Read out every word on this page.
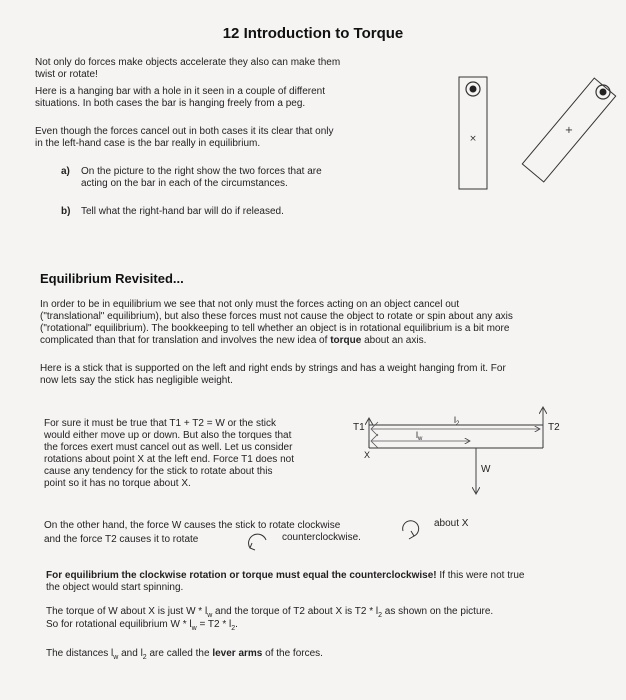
12 Introduction to Torque
Not only do forces make objects accelerate they also can make them
twist or rotate!
Here is a hanging bar with a hole in it seen in a couple of different
situations. In both cases the bar is hanging freely from a peg.
Even though the forces cancel out in both cases it its clear that only
in the left-hand case is the bar really in equilibrium.
a) On the picture to the right show the two forces that are
acting on the bar in each of the circumstances.
b) Tell what the right-hand bar will do if released.
×
+
Equilibrium Revisited...
In order to be in equilibrium we see that not only must the forces acting on an object cancel out
("translational" equilibrium), but also these forces must not cause the object to rotate or spin about any axis
("rotational" equilibrium). The bookkeeping to tell whether an object is in rotational equilibrium is a bit more
complicated than that for translation and involves the new idea of torque about an axis.
Here is a stick that is supported on the left and right ends by strings and has a weight hanging from it. For
now lets say the stick has negligible weight.
For sure it must be true that T1 + T2 = W or the stick
would either move up or down. But also the torques that
the forces exert must cancel out as well. Let us consider
rotations about point X at the left end. Force T1 does not
cause any tendency for the stick to rotate about this
point so it has no torque about X.
T1	T2
$l_2$
$l_w$
W
X
On the other hand, the force W causes the stick to rotate clockwise	about X
and the force T2 causes it to rotate	counterclockwise.
For equilibrium the clockwise rotation or torque must equal the counterclockwise! If this were not true
the object would start spinning.
The torque of W about X is just W * $l_w$ and the torque of T2 about X is $T2 * l_2$ as shown on the picture.
So for rotational equilibrium $W * l_w = T2 * l_2$.
The distances $l_w$ and $l_2$ are called the lever arms of the forces.
